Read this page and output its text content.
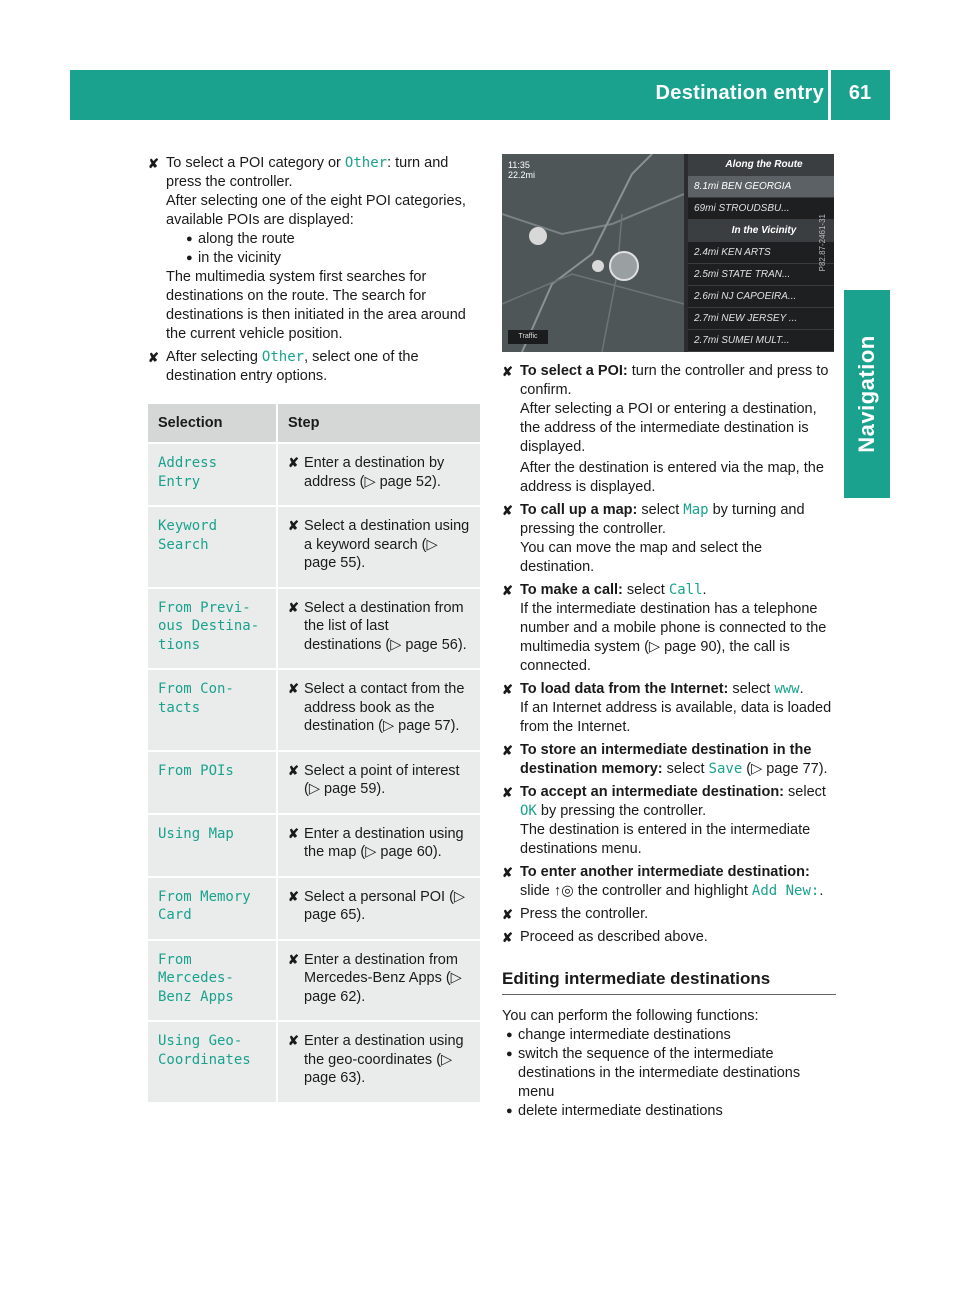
Destination entry	61
Navigation
✘ To select a POI category or Other: turn and press the controller.
After selecting one of the eight POI categories, available POIs are displayed:
● along the route
● in the vicinity
The multimedia system first searches for destinations on the route. The search for destinations is then initiated in the area around the current vehicle position.
✘ After selecting Other, select one of the destination entry options.
Selection	Step
Address Entry	✘ Enter a destination by address (▷ page 52).

Keyword Search	✘ Select a destination using a keyword search (▷ page 55).

From Previ‐ ous Destina‐ tions	✘ Select a destination from the list of last destinations (▷ page 56).

From Con‐ tacts	✘ Select a contact from the address book as the destination (▷ page 57).

From POIs	✘ Select a point of interest (▷ page 59).

Using Map	✘ Enter a destination using the map (▷ page 60).

From Memory Card	✘ Select a personal POI (▷ page 65).

From Mercedes- Benz Apps	✘ Enter a destination from Mercedes-Benz Apps (▷ page 62).

Using Geo- Coordinates	✘ Enter a destination using the geo-coordinates (▷ page 63).
11:35
22.2mi
Traffic
Along the Route
8.1mi BEN GEORGIA
69mi STROUDSBU...
In the Vicinity
2.4mi KEN ARTS
2.5mi STATE TRAN...
2.6mi NJ CAPOEIRA...
2.7mi NEW JERSEY ...
2.7mi SUMEI MULT...
P82.87-2461-31
✘ To select a POI: turn the controller and press to confirm.
After selecting a POI or entering a destination, the address of the intermediate destination is displayed.
After the destination is entered via the map, the address is displayed.
✘ To call up a map: select Map by turning and pressing the controller.
You can move the map and select the destination.
✘ To make a call: select Call.
If the intermediate destination has a telephone number and a mobile phone is connected to the multimedia system (▷ page 90), the call is connected.
✘ To load data from the Internet: select www.
If an Internet address is available, data is loaded from the Internet.
✘ To store an intermediate destination in the destination memory: select Save (▷ page 77).
✘ To accept an intermediate destination: select OK by pressing the controller.
The destination is entered in the intermediate destinations menu.
✘ To enter another intermediate destination: slide ↑◎ the controller and highlight Add New:.
✘ Press the controller.
✘ Proceed as described above.
Editing intermediate destinations
You can perform the following functions:
● change intermediate destinations
● switch the sequence of the intermediate destinations in the intermediate destinations menu
● delete intermediate destinations
